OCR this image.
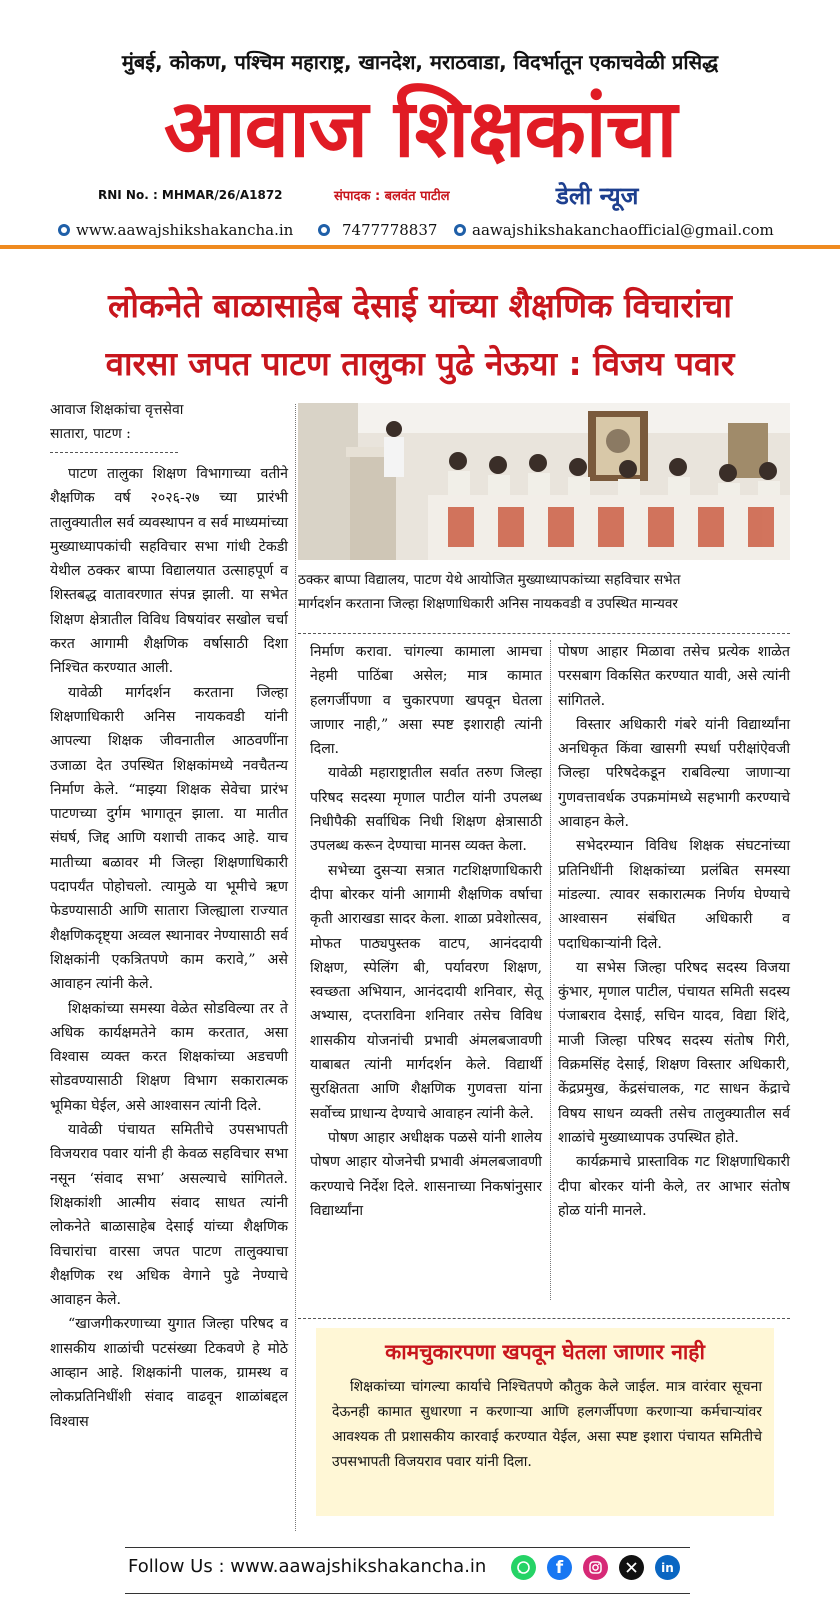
मुंबई, कोकण, पश्चिम महाराष्ट्र, खानदेश, मराठवाडा, विदर्भातून एकाचवेळी प्रसिद्ध
आवाज शिक्षकांचा
RNI No. : MHMAR/26/A1872	संपादक : बलवंत पाटील	डेली न्यूज
www.aawajshikshakancha.in	7477778837 aawajshikshakanchaofficial@gmail.com
लोकनेते बाळासाहेब देसाई यांच्या शैक्षणिक विचारांचा
वारसा जपत पाटण तालुका पुढे नेऊया : विजय पवार
आवाज शिक्षकांचा वृत्तसेवा
सातारा, पाटण :
ठक्कर बाप्पा विद्यालय, पाटण येथे आयोजित मुख्याध्यापकांच्या सहविचार सभेत
मार्गदर्शन करताना जिल्हा शिक्षणाधिकारी अनिस नायकवडी व उपस्थित मान्यवर

पाटण तालुका शिक्षण विभागाच्या वतीने शैक्षणिक वर्ष २०२६-२७ च्या प्रारंभी तालुक्यातील सर्व व्यवस्थापन व सर्व माध्यमांच्या मुख्याध्यापकांची सहविचार सभा गांधी टेकडी येथील ठक्कर बाप्पा विद्यालयात उत्साहपूर्ण व शिस्तबद्ध वातावरणात संपन्न झाली. या सभेत शिक्षण क्षेत्रातील विविध विषयांवर सखोल चर्चा करत आगामी शैक्षणिक वर्षासाठी दिशा निश्चित करण्यात आली.

यावेळी मार्गदर्शन करताना जिल्हा शिक्षणाधिकारी अनिस नायकवडी यांनी आपल्या शिक्षक जीवनातील आठवणींना उजाळा देत उपस्थित शिक्षकांमध्ये नवचैतन्य निर्माण केले. “माझ्या शिक्षक सेवेचा प्रारंभ पाटणच्या दुर्गम भागातून झाला. या मातीत संघर्ष, जिद्द आणि यशाची ताकद आहे. याच मातीच्या बळावर मी जिल्हा शिक्षणाधिकारी पदापर्यंत पोहोचलो. त्यामुळे या भूमीचे ऋण फेडण्यासाठी आणि सातारा जिल्ह्याला राज्यात शैक्षणिकदृष्ट्या अव्वल स्थानावर नेण्यासाठी सर्व शिक्षकांनी एकत्रितपणे काम करावे,” असे आवाहन त्यांनी केले.

शिक्षकांच्या समस्या वेळेत सोडविल्या तर ते अधिक कार्यक्षमतेने काम करतात, असा विश्वास व्यक्त करत शिक्षकांच्या अडचणी सोडवण्यासाठी शिक्षण विभाग सकारात्मक भूमिका घेईल, असे आश्वासन त्यांनी दिले.

यावेळी पंचायत समितीचे उपसभापती विजयराव पवार यांनी ही केवळ सहविचार सभा नसून ‘संवाद सभा’ असल्याचे सांगितले. शिक्षकांशी आत्मीय संवाद साधत त्यांनी लोकनेते बाळासाहेब देसाई यांच्या शैक्षणिक विचारांचा वारसा जपत पाटण तालुक्याचा शैक्षणिक रथ अधिक वेगाने पुढे नेण्याचे आवाहन केले.

“खाजगीकरणाच्या युगात जिल्हा परिषद व शासकीय शाळांची पटसंख्या टिकवणे हे मोठे आव्हान आहे. शिक्षकांनी पालक, ग्रामस्थ व लोकप्रतिनिधींशी संवाद वाढवून शाळांबद्दल विश्वास

निर्माण करावा. चांगल्या कामाला आमचा नेहमी पाठिंबा असेल; मात्र कामात हलगर्जीपणा व चुकारपणा खपवून घेतला जाणार नाही,” असा स्पष्ट इशाराही त्यांनी दिला.

यावेळी महाराष्ट्रातील सर्वात तरुण जिल्हा परिषद सदस्या मृणाल पाटील यांनी उपलब्ध निधीपैकी सर्वाधिक निधी शिक्षण क्षेत्रासाठी उपलब्ध करून देण्याचा मानस व्यक्त केला.

सभेच्या दुसऱ्या सत्रात गटशिक्षणाधिकारी दीपा बोरकर यांनी आगामी शैक्षणिक वर्षाचा कृती आराखडा सादर केला. शाळा प्रवेशोत्सव, मोफत पाठ्यपुस्तक वाटप, आनंददायी शिक्षण, स्पेलिंग बी, पर्यावरण शिक्षण, स्वच्छता अभियान, आनंददायी शनिवार, सेतू अभ्यास, दप्तराविना शनिवार तसेच विविध शासकीय योजनांची प्रभावी अंमलबजावणी याबाबत त्यांनी मार्गदर्शन केले. विद्यार्थी सुरक्षितता आणि शैक्षणिक गुणवत्ता यांना सर्वोच्च प्राधान्य देण्याचे आवाहन त्यांनी केले.

पोषण आहार अधीक्षक पळसे यांनी शालेय पोषण आहार योजनेची प्रभावी अंमलबजावणी करण्याचे निर्देश दिले. शासनाच्या निकषांनुसार विद्यार्थ्यांना

पोषण आहार मिळावा तसेच प्रत्येक शाळेत परसबाग विकसित करण्यात यावी, असे त्यांनी सांगितले.

विस्तार अधिकारी गंबरे यांनी विद्यार्थ्यांना अनधिकृत किंवा खासगी स्पर्धा परीक्षांऐवजी जिल्हा परिषदेकडून राबविल्या जाणाऱ्या गुणवत्तावर्धक उपक्रमांमध्ये सहभागी करण्याचे आवाहन केले.

सभेदरम्यान विविध शिक्षक संघटनांच्या प्रतिनिधींनी शिक्षकांच्या प्रलंबित समस्या मांडल्या. त्यावर सकारात्मक निर्णय घेण्याचे आश्वासन संबंधित अधिकारी व पदाधिकाऱ्यांनी दिले.

या सभेस जिल्हा परिषद सदस्य विजया कुंभार, मृणाल पाटील, पंचायत समिती सदस्य पंजाबराव देसाई, सचिन यादव, विद्या शिंदे, माजी जिल्हा परिषद सदस्य संतोष गिरी, विक्रमसिंह देसाई, शिक्षण विस्तार अधिकारी, केंद्रप्रमुख, केंद्रसंचालक, गट साधन केंद्राचे विषय साधन व्यक्ती तसेच तालुक्यातील सर्व शाळांचे मुख्याध्यापक उपस्थित होते.

कार्यक्रमाचे प्रास्ताविक गट शिक्षणाधिकारी दीपा बोरकर यांनी केले, तर आभार संतोष होळ यांनी मानले.

कामचुकारपणा खपवून घेतला जाणार नाही
शिक्षकांच्या चांगल्या कार्याचे निश्चितपणे कौतुक केले जाईल. मात्र वारंवार सूचना देऊनही कामात सुधारणा न करणाऱ्या आणि हलगर्जीपणा करणाऱ्या कर्मचाऱ्यांवर आवश्यक ती प्रशासकीय कारवाई करण्यात येईल, असा स्पष्ट इशारा पंचायत समितीचे उपसभापती विजयराव पवार यांनी दिला.
Follow Us : www.aawajshikshakancha.in	f	in
